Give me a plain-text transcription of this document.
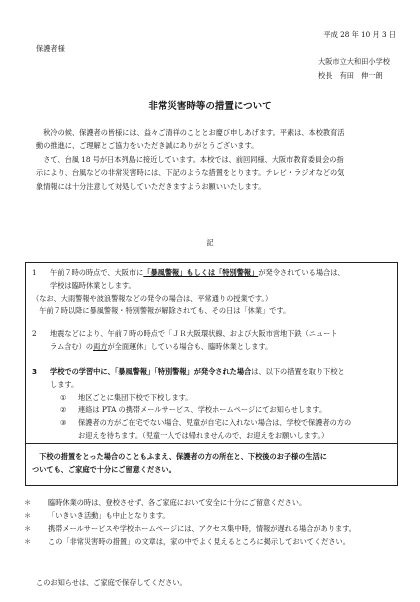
平成 28 年 10 月 3 日
保護者様
大阪市立大和田小学校
校長　有田　伸一朗
非常災害時等の措置について

　秋冷の候、保護者の皆様には、益々ご清祥のこととお慶び申しあげます。平素は、本校教育活

動の推進に、ご理解とご協力をいただき誠にありがとうございます。

　さて、台風 18 号が日本列島に接近しています。本校では、前回同様、大阪市教育委員会の指

示により、台風などの非常災害時には、下記のような措置をとります。テレビ・ラジオなどの気

象情報には十分注意して対処していただきますようお願いいたします。

記

1 午前７時の時点で、大阪市に「暴風警報」もしくは「特別警報」が発令されている場合は、

学校は臨時休業とします。

（なお、大雨警報や波浪警報などの発令の場合は、平常通りの授業です。）

　午前７時以降に暴風警報・特別警報が解除されても、その日は「休業」です。

2 地震などにより、午前７時の時点で「ＪＲ大阪環状線、および大阪市営地下鉄（ニュート

ラム含む）の両方が全面運休」している場合も、臨時休業とします。

3 学校での学習中に、「暴風警報」「特別警報」が発令された場合は、以下の措置を取り下校と

します。

① 地区ごとに集団下校で下校します。

② 連絡は PTA の携帯メールサービス、学校ホームページにてお知らせします。

③ 保護者の方がご在宅でない場合、児童が自宅に入れない場合は、学校で保護者の方の

お迎えを待ちます。（児童一人では帰れませんので、お迎えをお願いします。）

　下校の措置をとった場合のこともふまえ、保護者の方の所在と、下校後のお子様の生活に

ついても、ご家庭で十分にご留意ください。

＊ 臨時休業の時は、登校させず、各ご家庭において安全に十分にご留意ください。

＊ 「いきいき活動」も中止となります。

＊ 携帯メールサービスや学校ホームページには、アクセス集中時，情報が遅れる場合があります。

＊ この「非常災害時の措置」の文章は，家の中でよく見えるところに掲示しておいてください。

このお知らせは、ご家庭で保存してください。
